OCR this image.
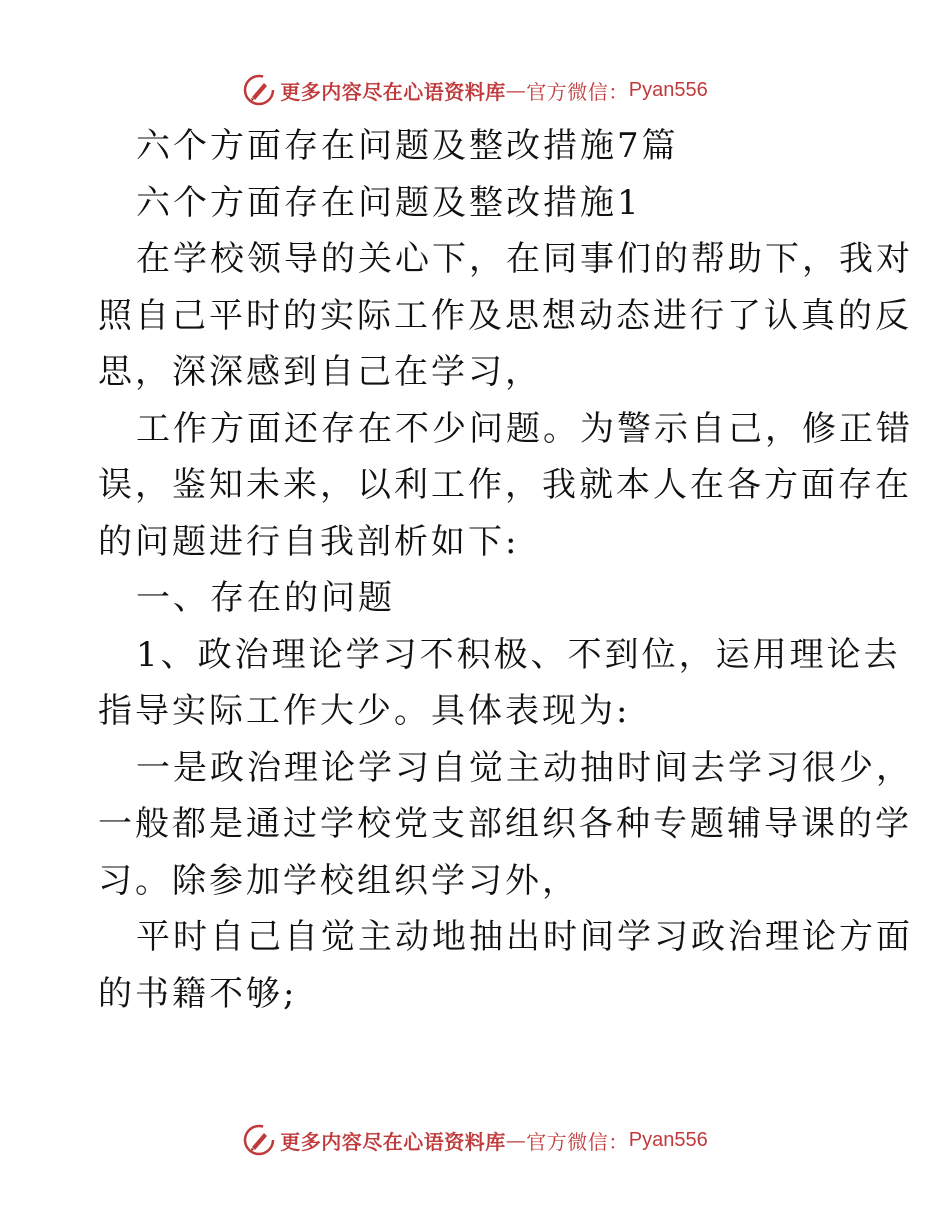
更多内容尽在心语资料库 — 官方微信： Pyan556
六个方面存在问题及整改措施7篇
六个方面存在问题及整改措施1
在学校领导的关心下，在同事们的帮助下，我对
照自己平时的实际工作及思想动态进行了认真的反
思，深深感到自己在学习，
工作方面还存在不少问题。为警示自己，修正错
误，鉴知未来，以利工作，我就本人在各方面存在
的问题进行自我剖析如下:
一、存在的问题
1、政治理论学习不积极、不到位，运用理论去
指导实际工作大少。具体表现为:
一是政治理论学习自觉主动抽时间去学习很少，
一般都是通过学校党支部组织各种专题辅导课的学
习。除参加学校组织学习外，
平时自己自觉主动地抽出时间学习政治理论方面
的书籍不够;
更多内容尽在心语资料库 — 官方微信： Pyan556
